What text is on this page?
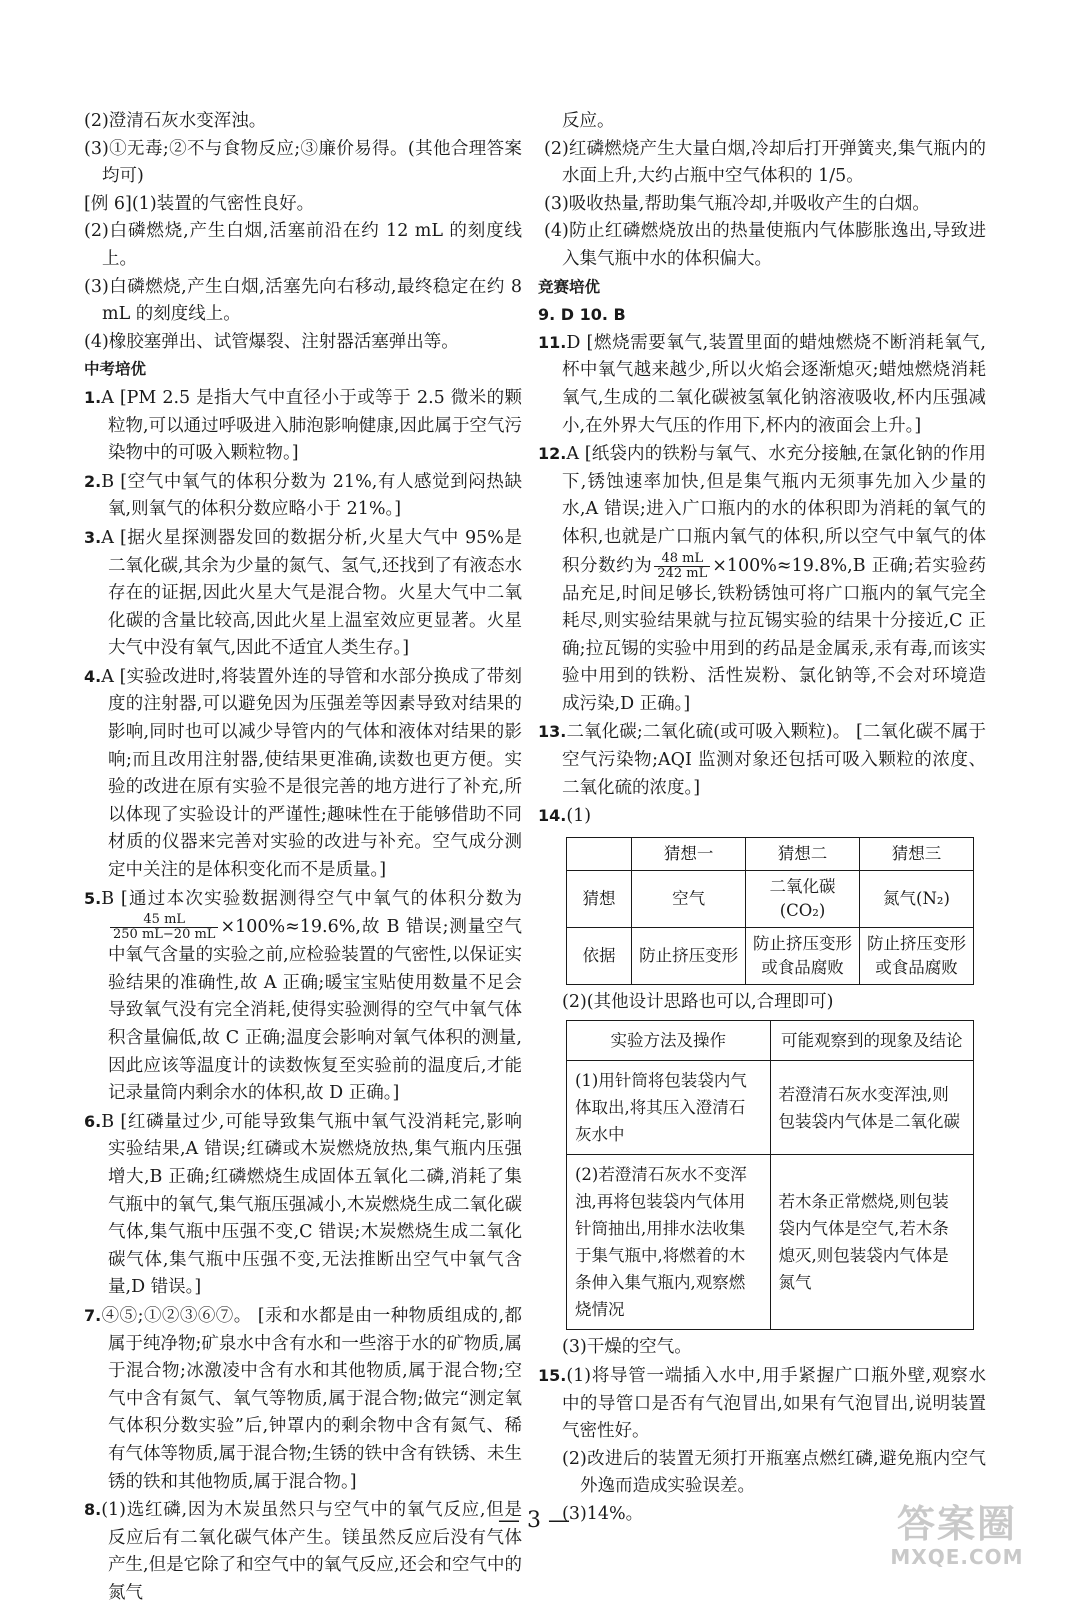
(2)澄清石灰水变浑浊。

(3)①无毒;②不与食物反应;③廉价易得。(其他合理答案均可)

[例 6](1)装置的气密性良好。

(2)白磷燃烧,产生白烟,活塞前沿在约 12 mL 的刻度线上。

(3)白磷燃烧,产生白烟,活塞先向右移动,最终稳定在约 8 mL 的刻度线上。

(4)橡胶塞弹出、试管爆裂、注射器活塞弹出等。

中考培优

1.A [PM 2.5 是指大气中直径小于或等于 2.5 微米的颗粒物,可以通过呼吸进入肺泡影响健康,因此属于空气污染物中的可吸入颗粒物。]

2.B [空气中氧气的体积分数为 21%,有人感觉到闷热缺氧,则氧气的体积分数应略小于 21%。]

3.A [据火星探测器发回的数据分析,火星大气中 95%是二氧化碳,其余为少量的氮气、氢气,还找到了有液态水存在的证据,因此火星大气是混合物。火星大气中二氧化碳的含量比较高,因此火星上温室效应更显著。火星大气中没有氧气,因此不适宜人类生存。]

4.A [实验改进时,将装置外连的导管和水部分换成了带刻度的注射器,可以避免因为压强差等因素导致对结果的影响,同时也可以减少导管内的气体和液体对结果的影响;而且改用注射器,使结果更准确,读数也更方便。实验的改进在原有实验不是很完善的地方进行了补充,所以体现了实验设计的严谨性;趣味性在于能够借助不同材质的仪器来完善对实验的改进与补充。空气成分测定中关注的是体积变化而不是质量。]

5.B [通过本次实验数据测得空气中氧气的体积分数为
$\frac{45 mL}{250 mL-20 mL} \times 100\%\approx 19.6\%$,故 B 错误;测量空气中氧气含量的实验之前,应检验装置的气密性,以保证实验结果的准确性,故 A 正确;暖宝宝贴使用数量不足会导致氧气没有完全消耗,使得实验测得的空气中氧气体积含量偏低,故 C 正确;温度会影响对氧气体积的测量,因此应该等温度计的读数恢复至实验前的温度后,才能记录量筒内剩余水的体积,故 D 正确。]

6.B [红磷量过少,可能导致集气瓶中氧气没消耗完,影响实验结果,A 错误;红磷或木炭燃烧放热,集气瓶内压强增大,B 正确;红磷燃烧生成固体五氧化二磷,消耗了集气瓶中的氧气,集气瓶压强减小,木炭燃烧生成二氧化碳气体,集气瓶中压强不变,C 错误;木炭燃烧生成二氧化碳气体,集气瓶中压强不变,无法推断出空气中氧气含量,D 错误。]

7.④⑤;①②③⑥⑦。 [汞和水都是由一种物质组成的,都属于纯净物;矿泉水中含有水和一些溶于水的矿物质,属于混合物;冰激凌中含有水和其他物质,属于混合物;空气中含有氮气、氧气等物质,属于混合物;做完“测定氧气体积分数实验”后,钟罩内的剩余物中含有氮气、稀有气体等物质,属于混合物;生锈的铁中含有铁锈、未生锈的铁和其他物质,属于混合物。]

8.(1)选红磷,因为木炭虽然只与空气中的氧气反应,但是反应后有二氧化碳气体产生。镁虽然反应后没有气体产生,但是它除了和空气中的氧气反应,还会和空气中的氮气

反应。

(2)红磷燃烧产生大量白烟,冷却后打开弹簧夹,集气瓶内的水面上升,大约占瓶中空气体积的 1/5。

(3)吸收热量,帮助集气瓶冷却,并吸收产生的白烟。

(4)防止红磷燃烧放出的热量使瓶内气体膨胀逸出,导致进入集气瓶中水的体积偏大。

竞赛培优

9. D 10. B

11.D [燃烧需要氧气,装置里面的蜡烛燃烧不断消耗氧气,杯中氧气越来越少,所以火焰会逐渐熄灭;蜡烛燃烧消耗氧气,生成的二氧化碳被氢氧化钠溶液吸收,杯内压强减小,在外界大气压的作用下,杯内的液面会上升。]

12.A [纸袋内的铁粉与氧气、水充分接触,在氯化钠的作用下,锈蚀速率加快,但是集气瓶内无须事先加入少量的水,A 错误;进入广口瓶内的水的体积即为消耗的氧气的体积,也就是广口瓶内氧气的体积,所以空气中氧气的体积分数约为 $\frac{48 mL}{242 mL} \times 100\%\approx 19.8\%,B$ 正确;若实验药品充足,时间足够长,铁粉锈蚀可将广口瓶内的氧气完全耗尽,则实验结果就与拉瓦锡实验的结果十分接近,C 正确;拉瓦锡的实验中用到的药品是金属汞,汞有毒,而该实验中用到的铁粉、活性炭粉、氯化钠等,不会对环境造成污染,D 正确。]

13.二氧化碳;二氧化硫(或可吸入颗粒)。 [二氧化碳不属于空气污染物;AQI 监测对象还包括可吸入颗粒的浓度、二氧化硫的浓度。]

14.(1)

	猜想一	猜想二	猜想三
猜想	空气	二氧化碳(CO₂)	氮气(N₂)
依据	防止挤压变形	防止挤压变形或食品腐败	防止挤压变形或食品腐败

(2)(其他设计思路也可以,合理即可)

实验方法及操作	可能观察到的现象及结论
(1)用针筒将包装袋内气体取出,将其压入澄清石灰水中	若澄清石灰水变浑浊,则包装袋内气体是二氧化碳
(2)若澄清石灰水不变浑浊,再将包装袋内气体用针筒抽出,用排水法收集于集气瓶中,将燃着的木条伸入集气瓶内,观察燃烧情况	若木条正常燃烧,则包装袋内气体是空气,若木条熄灭,则包装袋内气体是氮气

(3)干燥的空气。

15.(1)将导管一端插入水中,用手紧握广口瓶外壁,观察水中的导管口是否有气泡冒出,如果有气泡冒出,说明装置气密性好。

(2)改进后的装置无须打开瓶塞点燃红磷,避免瓶内空气外逸而造成实验误差。

(3)14%。

— 3 —	答案圈
MXQE.COM
